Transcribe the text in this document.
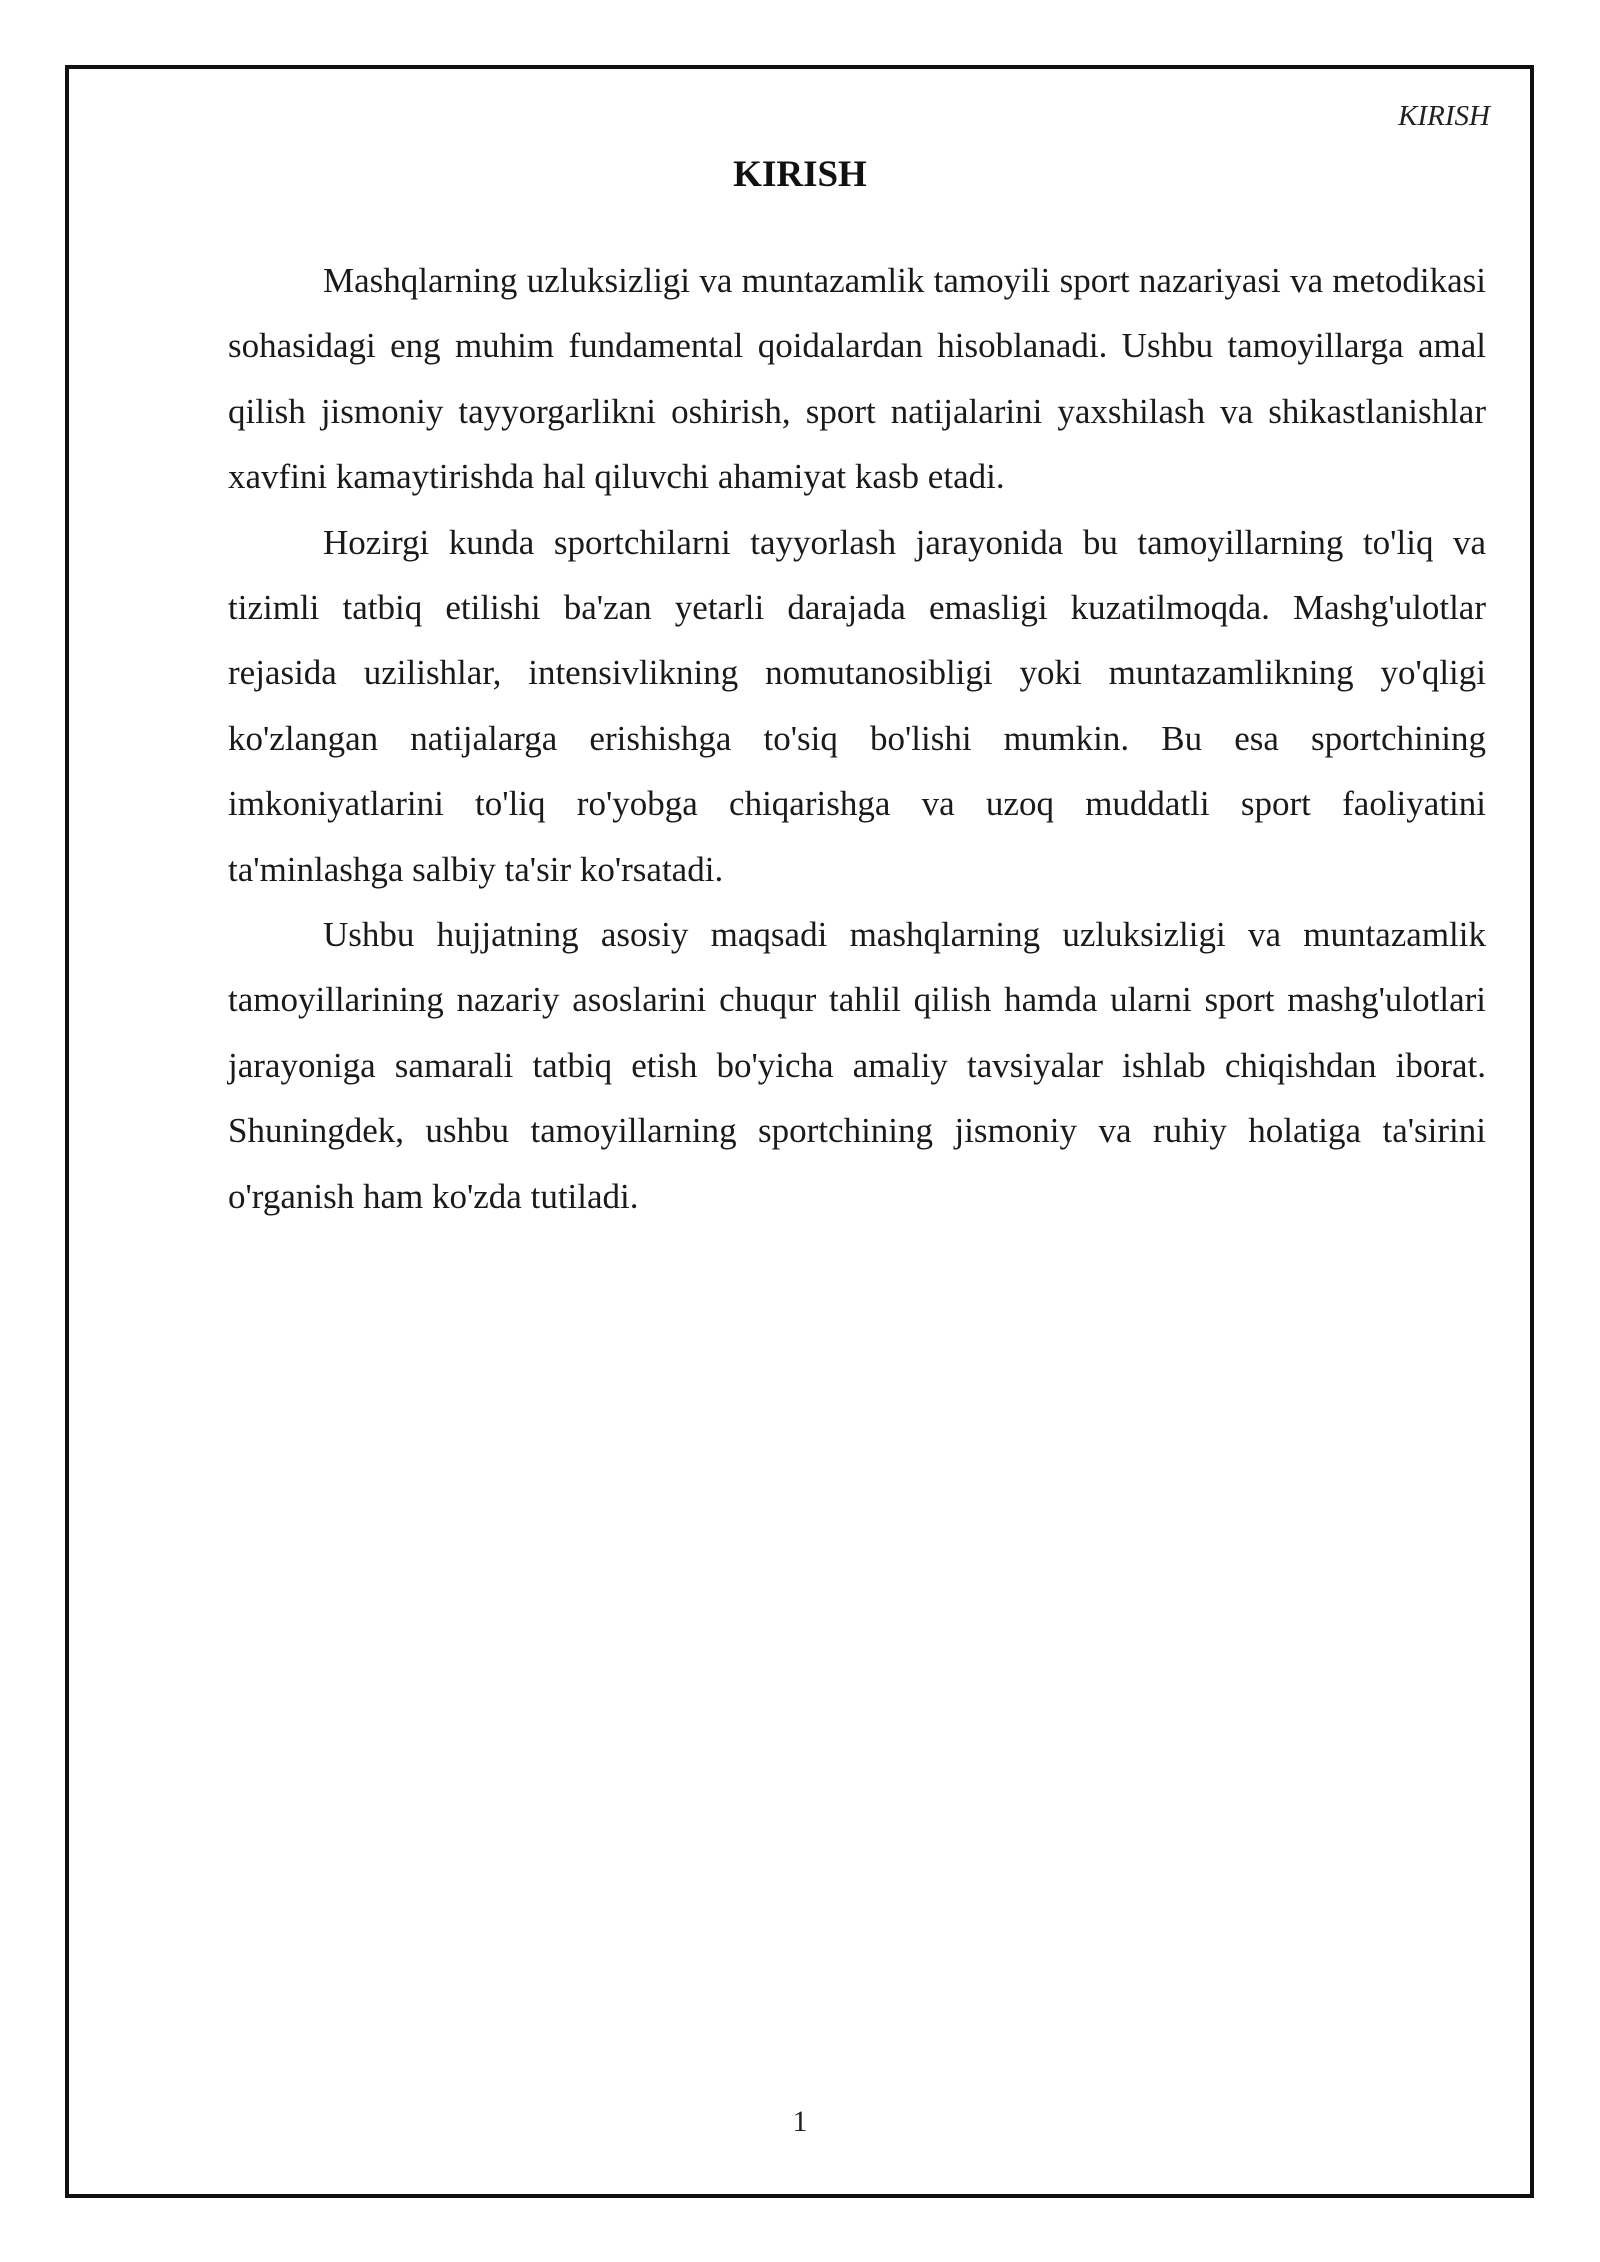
KIRISH
KIRISH

Mashqlarning uzluksizligi va muntazamlik tamoyili sport nazariyasi va metodikasi sohasidagi eng muhim fundamental qoidalardan hisoblanadi. Ushbu tamoyillarga amal qilish jismoniy tayyorgarlikni oshirish, sport natijalarini yaxshilash va shikastlanishlar xavfini kamaytirishda hal qiluvchi ahamiyat kasb etadi.

Hozirgi kunda sportchilarni tayyorlash jarayonida bu tamoyillarning to'liq va tizimli tatbiq etilishi ba'zan yetarli darajada emasligi kuzatilmoqda. Mashg'ulotlar rejasida uzilishlar, intensivlikning nomutanosibligi yoki muntazamlikning yo'qligi ko'zlangan natijalarga erishishga to'siq bo'lishi mumkin. Bu esa sportchining imkoniyatlarini to'liq ro'yobga chiqarishga va uzoq muddatli sport faoliyatini ta'minlashga salbiy ta'sir ko'rsatadi.

Ushbu hujjatning asosiy maqsadi mashqlarning uzluksizligi va muntazamlik tamoyillarining nazariy asoslarini chuqur tahlil qilish hamda ularni sport mashg'ulotlari jarayoniga samarali tatbiq etish bo'yicha amaliy tavsiyalar ishlab chiqishdan iborat. Shuningdek, ushbu tamoyillarning sportchining jismoniy va ruhiy holatiga ta'sirini o'rganish ham ko'zda tutiladi.

1
